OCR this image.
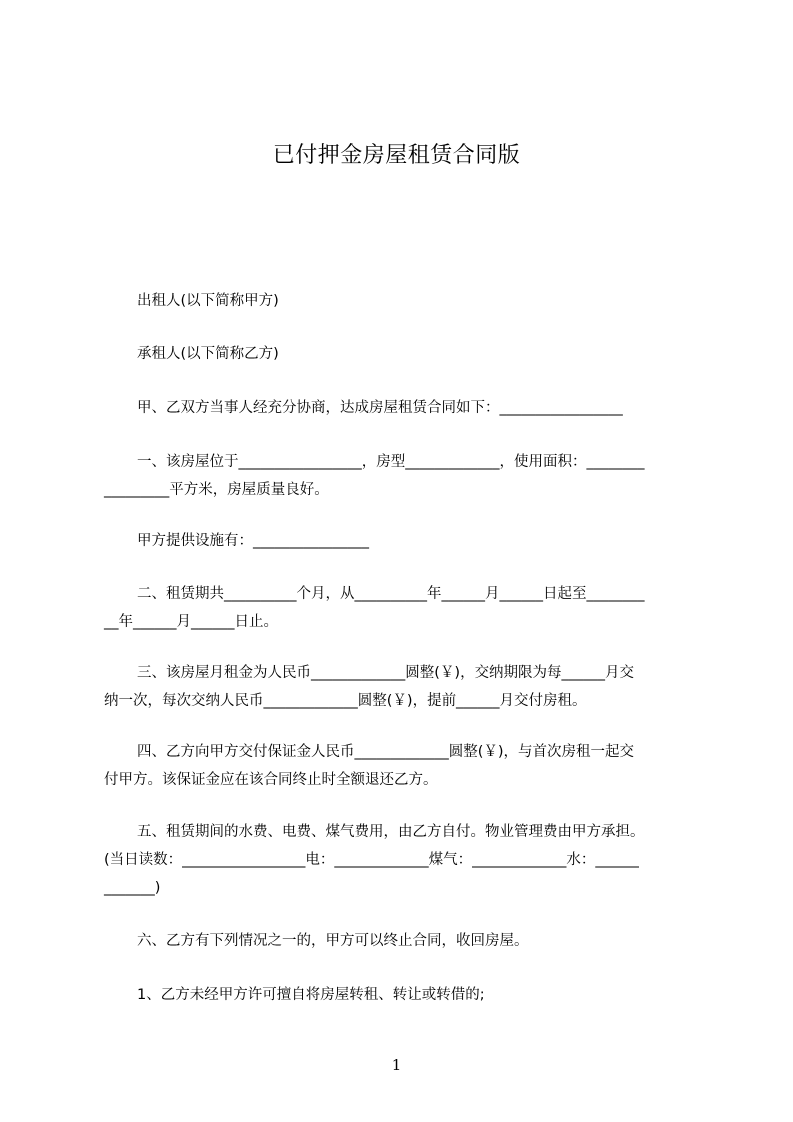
已付押金房屋租赁合同版
出租人(以下简称甲方)
承租人(以下简称乙方)
甲、乙双方当事人经充分协商，达成房屋租赁合同如下：_________________
一、该房屋位于_________________，房型_____________，使用面积：________
_________平方米，房屋质量良好。
甲方提供设施有：________________
二、租赁期共__________个月，从__________年______月______日起至________
__年______月______日止。
三、该房屋月租金为人民币_____________圆整(￥)，交纳期限为每______月交
纳一次，每次交纳人民币_____________圆整(￥)，提前______月交付房租。
四、乙方向甲方交付保证金人民币_____________圆整(￥)，与首次房租一起交
付甲方。该保证金应在该合同终止时全额退还乙方。
五、租赁期间的水费、电费、煤气费用，由乙方自付。物业管理费由甲方承担。
(当日读数：_________________电：_____________煤气：_____________水：______
_______)
六、乙方有下列情况之一的，甲方可以终止合同，收回房屋。
1、乙方未经甲方许可擅自将房屋转租、转让或转借的;
1
